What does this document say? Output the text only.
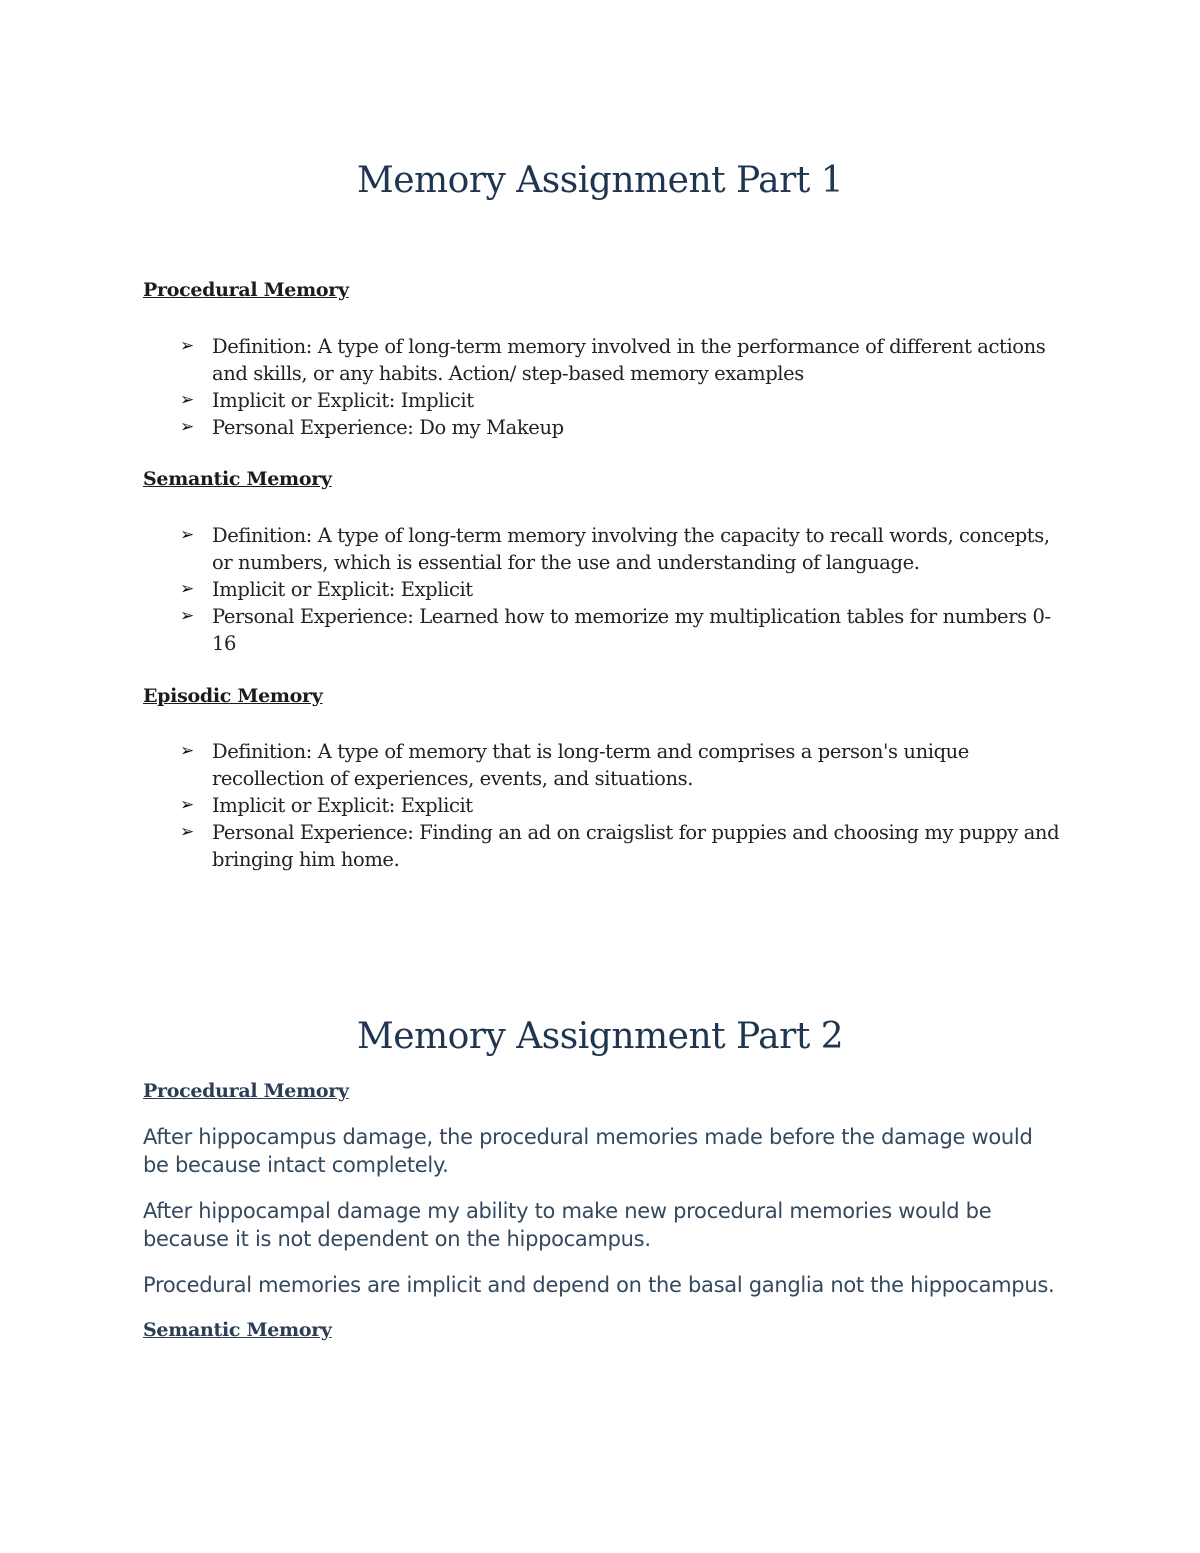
Memory Assignment Part 1
Procedural Memory
➢ Definition: A type of long-term memory involved in the performance of different actions and skills, or any habits. Action/ step-based memory examples
➢ Implicit or Explicit: Implicit
➢ Personal Experience: Do my Makeup
Semantic Memory
➢ Definition: A type of long-term memory involving the capacity to recall words, concepts, or numbers, which is essential for the use and understanding of language.
➢ Implicit or Explicit: Explicit
➢ Personal Experience: Learned how to memorize my multiplication tables for numbers 0-16
Episodic Memory
➢ Definition: A type of memory that is long-term and comprises a person's unique recollection of experiences, events, and situations.
➢ Implicit or Explicit: Explicit
➢ Personal Experience: Finding an ad on craigslist for puppies and choosing my puppy and bringing him home.
Memory Assignment Part 2
Procedural Memory

After hippocampus damage, the procedural memories made before the damage would be because intact completely.

After hippocampal damage my ability to make new procedural memories would be because it is not dependent on the hippocampus.

Procedural memories are implicit and depend on the basal ganglia not the hippocampus.

Semantic Memory
